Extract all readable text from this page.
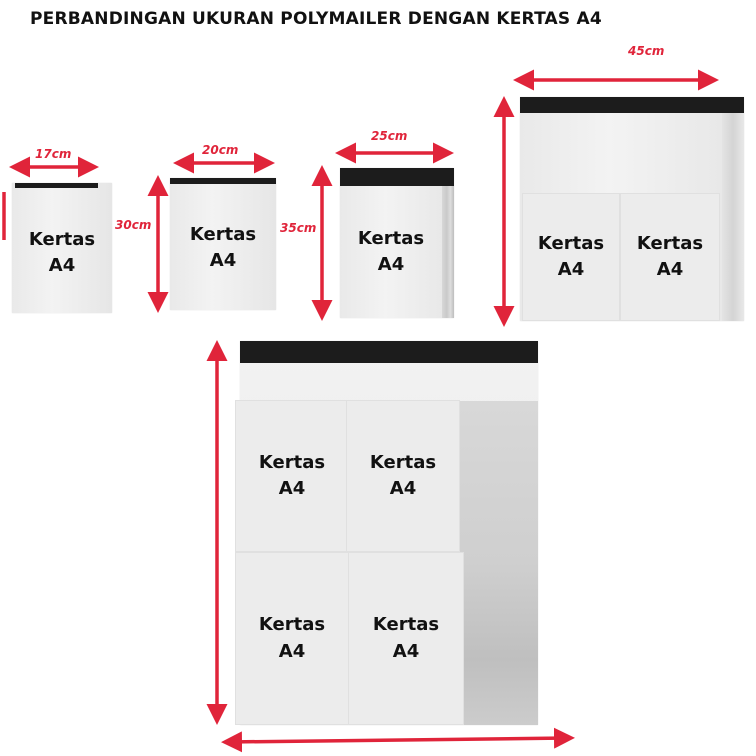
PERBANDINGAN UKURAN POLYMAILER DENGAN KERTAS A4
Kertas
A4
17cm
Kertas
A4
20cm
30cm
Kertas
A4
25cm
35cm
Kertas
A4
Kertas
A4
45cm
Kertas
A4
Kertas
A4
Kertas
A4
Kertas
A4
